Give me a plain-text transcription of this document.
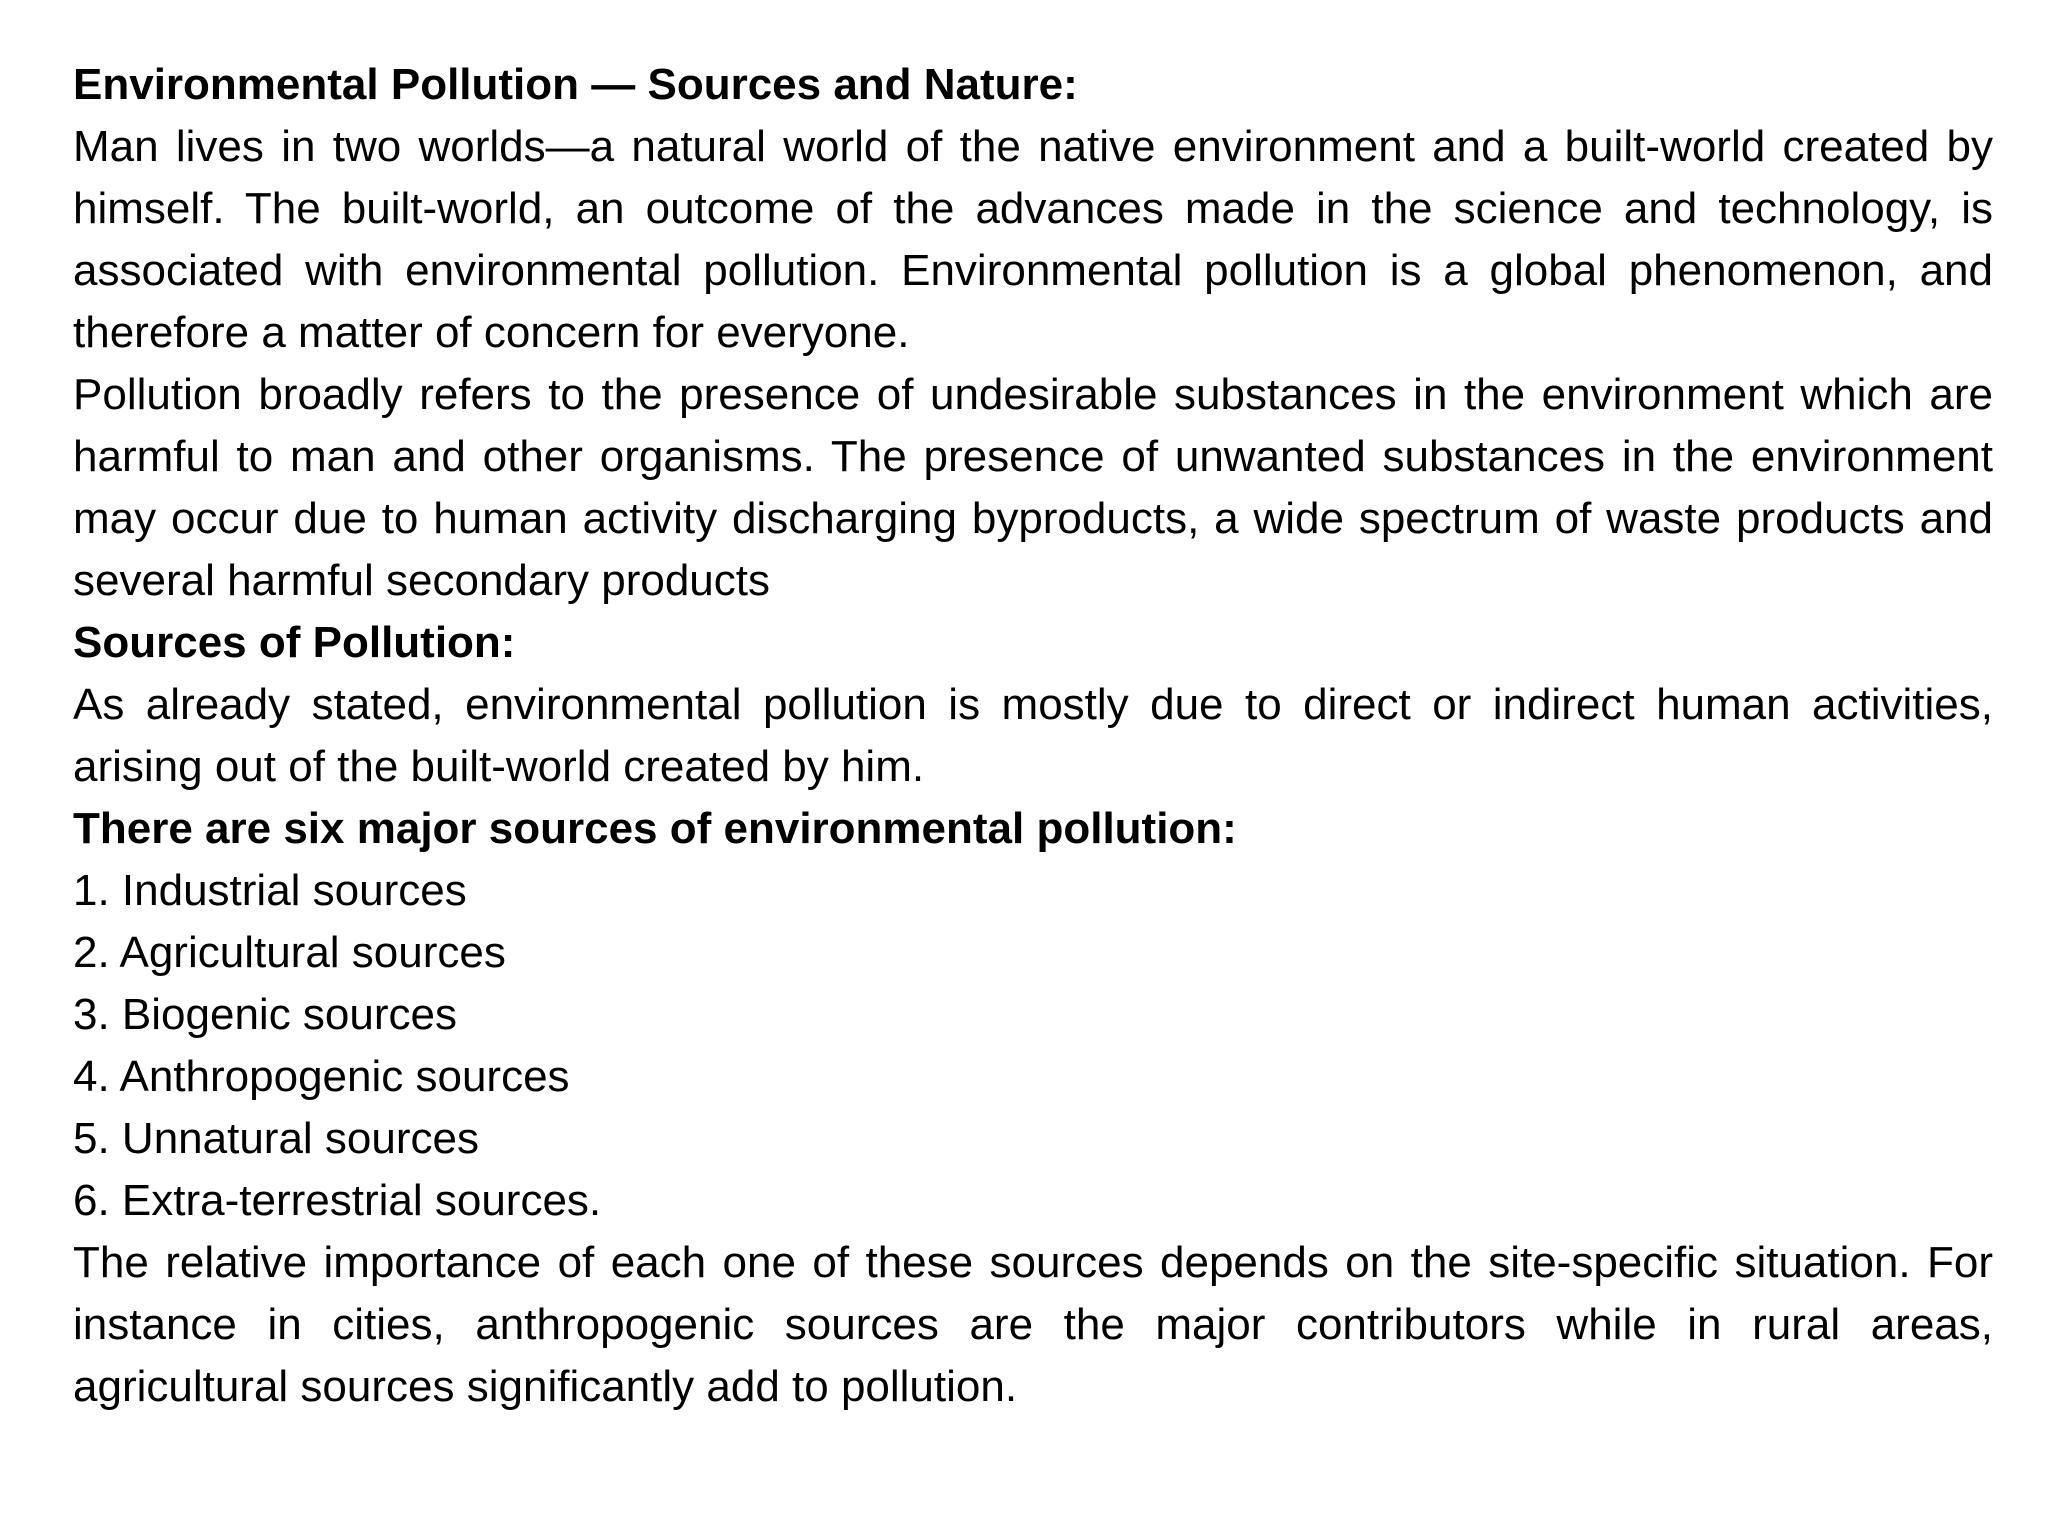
Environmental Pollution — Sources and Nature:

Man lives in two worlds—a natural world of the native environment and a built-world created by himself. The built-world, an outcome of the advances made in the science and technology, is associated with environmental pollution. Environmental pollution is a global phenomenon, and therefore a matter of concern for everyone.

Pollution broadly refers to the presence of undesirable substances in the environment which are harmful to man and other organisms. The presence of unwanted substances in the environment may occur due to human activity discharging byproducts, a wide spectrum of waste products and several harmful secondary products

Sources of Pollution:

As already stated, environmental pollution is mostly due to direct or indirect human activities, arising out of the built-world created by him.

There are six major sources of environmental pollution:

1. Industrial sources
2. Agricultural sources
3. Biogenic sources
4. Anthropogenic sources
5. Unnatural sources
6. Extra-terrestrial sources.

The relative importance of each one of these sources depends on the site-specific situation. For instance in cities, anthropogenic sources are the major contributors while in rural areas, agricultural sources significantly add to pollution.
